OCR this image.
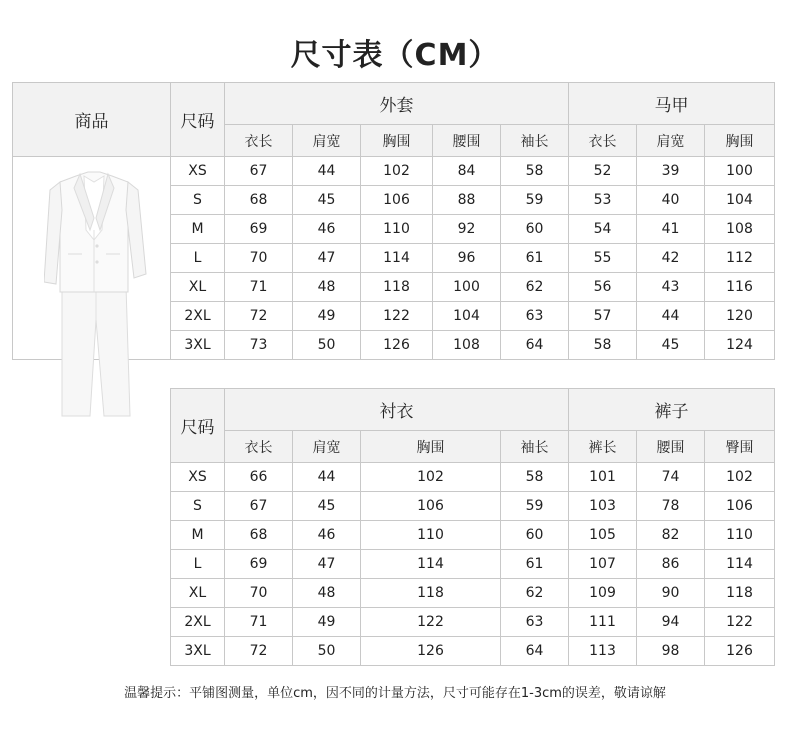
尺寸表（CM）
商品	尺码	外套					马甲		
		衣长	肩宽	胸围	腰围	袖长	衣长	肩宽	胸围
	XS	67	44	102	84	58	52	39	100
	S	68	45	106	88	59	53	40	104
	M	69	46	110	92	60	54	41	108
	L	70	47	114	96	61	55	42	112
	XL	71	48	118	100	62	56	43	116
	2XL	72	49	122	104	63	57	44	120
	3XL	73	50	126	108	64	58	45	124
尺码	衬衣				裤子		
	衣长	肩宽	胸围	袖长	裤长	腰围	臀围
XS	66	44	102	58	101	74	102
S	67	45	106	59	103	78	106
M	68	46	110	60	105	82	110
L	69	47	114	61	107	86	114
XL	70	48	118	62	109	90	118
2XL	71	49	122	63	111	94	122
3XL	72	50	126	64	113	98	126
温馨提示：平铺图测量，单位cm，因不同的计量方法，尺寸可能存在1-3cm的误差，敬请谅解
